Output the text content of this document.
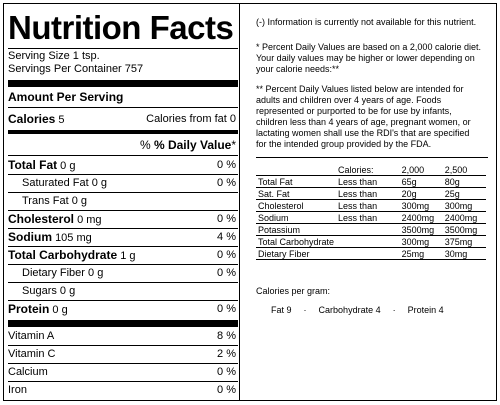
Nutrition Facts
Serving Size 1 tsp.
Servings Per Container 757
Amount Per Serving
Calories 5	Calories from fat 0
% % Daily Value*
Total Fat 0 g	0 %
Saturated Fat 0 g	0 %
Trans Fat 0 g
Cholesterol 0 mg	0 %
Sodium 105 mg	4 %
Total Carbohydrate 1 g	0 %
Dietary Fiber 0 g	0 %
Sugars 0 g
Protein 0 g	0 %
Vitamin A	8 %
Vitamin C	2 %
Calcium	0 %
Iron	0 %
(-) Information is currently not available for this nutrient.
* Percent Daily Values are based on a 2,000 calorie diet.
Your daily values may be higher or lower depending on
your calorie needs:**
** Percent Daily Values listed below are intended for
adults and children over 4 years of age. Foods
represented or purported to be for use by infants,
children less than 4 years of age, pregnant women, or
lactating women shall use the RDI's that are specified
for the intended group provided by the FDA.
	Calories:	2,000	2,500
Total Fat	Less than	65g	80g
Sat. Fat	Less than	20g	25g
Cholesterol	Less than	300mg	300mg
Sodium	Less than	2400mg	2400mg
Potassium		3500mg	3500mg
Total Carbohydrate		300mg	375mg
Dietary Fiber		25mg	30mg
Calories per gram:
Fat 9 · Carbohydrate 4 · Protein 4
